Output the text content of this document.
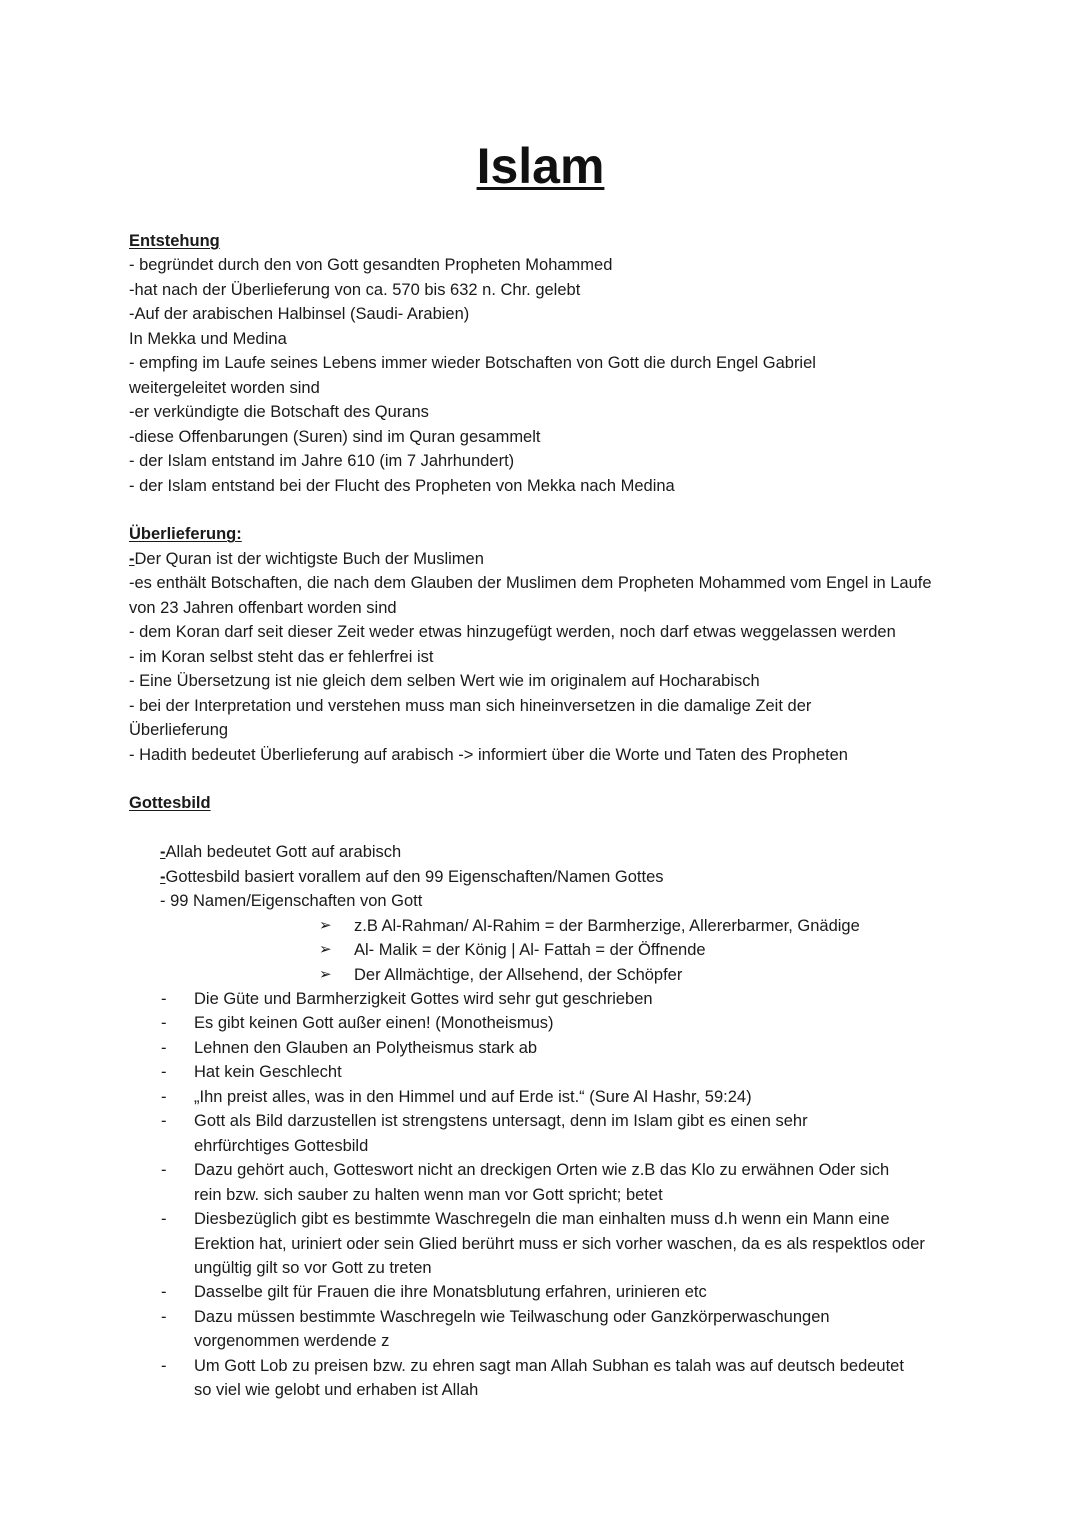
Islam

Entstehung

- begründet durch den von Gott gesandten Propheten Mohammed

-hat nach der Überlieferung von ca. 570 bis 632 n. Chr. gelebt

-Auf der arabischen Halbinsel (Saudi- Arabien)

In Mekka und Medina

- empfing im Laufe seines Lebens immer wieder Botschaften von Gott die durch Engel Gabriel weitergeleitet worden sind

-er verkündigte die Botschaft des Qurans

-diese Offenbarungen (Suren) sind im Quran gesammelt

- der Islam entstand im Jahre 610 (im 7 Jahrhundert)

- der Islam entstand bei der Flucht des Propheten von Mekka nach Medina

Überlieferung:

-Der Quran ist der wichtigste Buch der Muslimen

-es enthält Botschaften, die nach dem Glauben der Muslimen dem Propheten Mohammed vom Engel in Laufe von 23 Jahren offenbart worden sind

- dem Koran darf seit dieser Zeit weder etwas hinzugefügt werden, noch darf etwas weggelassen werden

- im Koran selbst steht das er fehlerfrei ist

- Eine Übersetzung ist nie gleich dem selben Wert wie im originalem auf Hocharabisch

- bei der Interpretation und verstehen muss man sich hineinversetzen in die damalige Zeit der Überlieferung

- Hadith bedeutet Überlieferung auf arabisch -> informiert über die Worte und Taten des Propheten

Gottesbild

-Allah bedeutet Gott auf arabisch

-Gottesbild basiert vorallem auf den 99 Eigenschaften/Namen Gottes

- 99 Namen/Eigenschaften von Gott

➢	z.B Al-Rahman/ Al-Rahim = der Barmherzige, Allererbarmer, Gnädige
➢	Al- Malik = der König | Al- Fattah = der Öffnende
➢	Der Allmächtige, der Allsehend, der Schöpfer
-	Die Güte und Barmherzigkeit Gottes wird sehr gut geschrieben
-	Es gibt keinen Gott außer einen! (Monotheismus)
-	Lehnen den Glauben an Polytheismus stark ab
-	Hat kein Geschlecht
-	„Ihn preist alles, was in den Himmel und auf Erde ist.“ (Sure Al Hashr, 59:24)
-	Gott als Bild darzustellen ist strengstens untersagt, denn im Islam gibt es einen sehr ehrfürchtiges Gottesbild
-	Dazu gehört auch, Gotteswort nicht an dreckigen Orten wie z.B das Klo zu erwähnen Oder sich rein bzw. sich sauber zu halten wenn man vor Gott spricht; betet
-	Diesbezüglich gibt es bestimmte Waschregeln die man einhalten muss d.h wenn ein Mann eine Erektion hat, uriniert oder sein Glied berührt muss er sich vorher waschen, da es als respektlos oder ungültig gilt so vor Gott zu treten
-	Dasselbe gilt für Frauen die ihre Monatsblutung erfahren, urinieren etc
-	Dazu müssen bestimmte Waschregeln wie Teilwaschung oder Ganzkörperwaschungen vorgenommen werdende z
-	Um Gott Lob zu preisen bzw. zu ehren sagt man Allah Subhan es talah was auf deutsch bedeutet so viel wie gelobt und erhaben ist Allah
